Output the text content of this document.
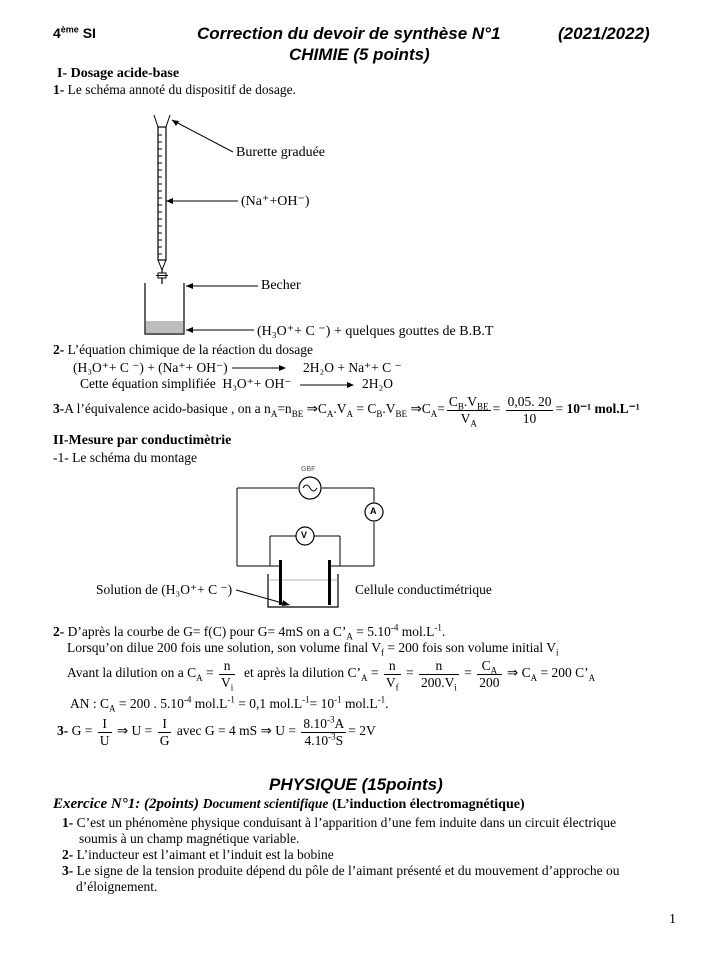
4ème SI	Correction du devoir de synthèse N°1	(2021/2022)
CHIMIE (5 points)
I- Dosage acide-base
1- Le schéma annoté du dispositif de dosage.
Burette graduée
(Na⁺+OH⁻)
Becher
(H₃O⁺+ C ⁻) + quelques gouttes de B.B.T
2- L’équation chimique de la réaction du dosage
(H₃O⁺+ C ⁻) + (Na⁺+ OH⁻)	2H₂O + Na⁺+ C ⁻
Cette équation simplifiée H₃O⁺+ OH⁻	2H₂O
3-A l’équivalence acido-basique , on a $n_A=n_{BE}$ $\Rightarrow C_A.V_A = C_B.V_{BE}$ $\Rightarrow C_A= \frac{C_B.V_{BE}}{V_A} = \frac{0,05. 20}{10} = 10^{-1}$ mol.L⁻¹
II-Mesure par conductimètrie
-1- Le schéma du montage
GBF
A
V
Solution de (H₃O⁺+ C ⁻)	Cellule conductimétrique
2- D’après la courbe de G= f(C) pour G= 4mS on a $C’_A = 5.10^{-4}$ $mol.L^{-1}$.
Lorsqu’on dilue 200 fois une solution, son volume final $V_f = 200$ fois son volume initial $V_i$
Avant la dilution on a $C_A = \frac{n}{V_i}$ et après la dilution $C’_A = \frac{n}{V_f} = \frac{n}{200.V_i} = \frac{C_A}{200}$ ⇒ $C_A = 200$ $C’_A$
AN : $C_A = 200$ . $5.10^{-4}$ $mol.L^{-1} = 0,1$ $mol.L^{-1}= 10^{-1}$ $mol.L^{-1}$.
3- $G = \frac{I}{U}$ ⇒ $U = \frac{I}{G}$ avec G = 4 mS ⇒ $U = \frac{8.10^{-3}A}{4.10^{-3}S} = 2V$
PHYSIQUE (15points)
Exercice N°1: (2points) Document scientifique (L’induction électromagnétique)
1- C’est un phénomène physique conduisant à l’apparition d’une fem induite dans un circuit électrique
soumis à un champ magnétique variable.
2- L’inducteur est l’aimant et l’induit est la bobine
3- Le signe de la tension produite dépend du pôle de l’aimant présenté et du mouvement d’approche ou
d’éloignement.
1
